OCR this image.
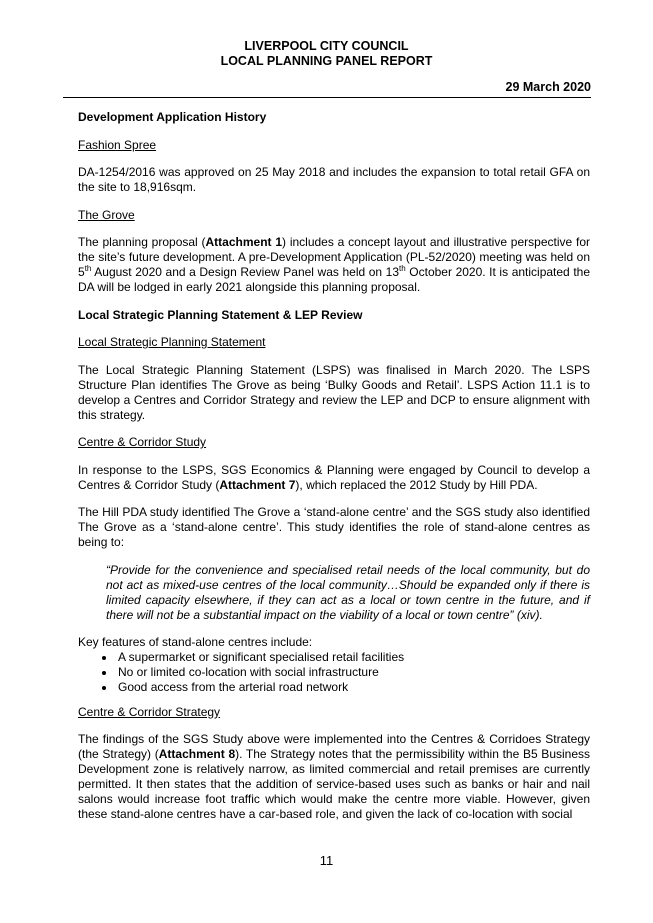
LIVERPOOL CITY COUNCIL
LOCAL PLANNING PANEL REPORT
29 March 2020

Development Application History

Fashion Spree

DA-1254/2016 was approved on 25 May 2018 and includes the expansion to total retail GFA on the site to 18,916sqm.

The Grove

The planning proposal (Attachment 1) includes a concept layout and illustrative perspective for the site’s future development. A pre-Development Application (PL-52/2020) meeting was held on 5th August 2020 and a Design Review Panel was held on 13th October 2020. It is anticipated the DA will be lodged in early 2021 alongside this planning proposal.

Local Strategic Planning Statement & LEP Review

Local Strategic Planning Statement

The Local Strategic Planning Statement (LSPS) was finalised in March 2020. The LSPS Structure Plan identifies The Grove as being ‘Bulky Goods and Retail’. LSPS Action 11.1 is to develop a Centres and Corridor Strategy and review the LEP and DCP to ensure alignment with this strategy.

Centre & Corridor Study

In response to the LSPS, SGS Economics & Planning were engaged by Council to develop a Centres & Corridor Study (Attachment 7), which replaced the 2012 Study by Hill PDA.

The Hill PDA study identified The Grove a ‘stand-alone centre’ and the SGS study also identified The Grove as a ‘stand-alone centre’. This study identifies the role of stand-alone centres as being to:

“Provide for the convenience and specialised retail needs of the local community, but do not act as mixed-use centres of the local community…Should be expanded only if there is limited capacity elsewhere, if they can act as a local or town centre in the future, and if there will not be a substantial impact on the viability of a local or town centre” (xiv).

Key features of stand-alone centres include:

• A supermarket or significant specialised retail facilities
• No or limited co-location with social infrastructure
• Good access from the arterial road network

Centre & Corridor Strategy

The findings of the SGS Study above were implemented into the Centres & Corridoes Strategy (the Strategy) (Attachment 8). The Strategy notes that the permissibility within the B5 Business Development zone is relatively narrow, as limited commercial and retail premises are currently permitted. It then states that the addition of service-based uses such as banks or hair and nail salons would increase foot traffic which would make the centre more viable. However, given these stand-alone centres have a car-based role, and given the lack of co-location with social

11
